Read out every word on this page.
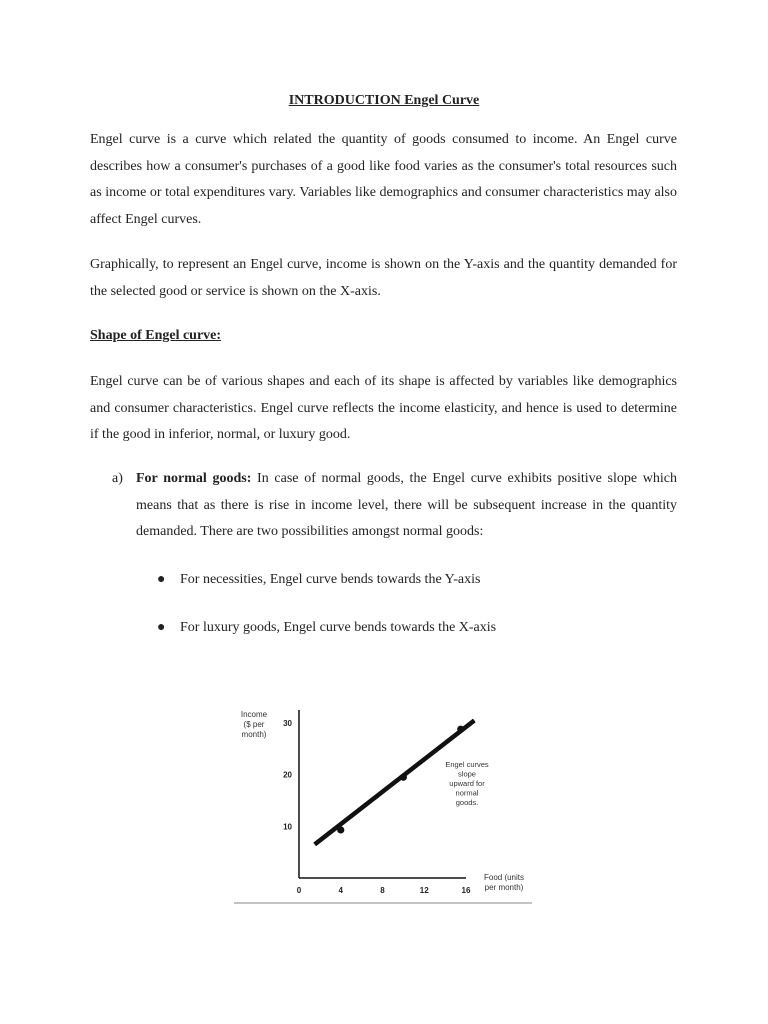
INTRODUCTION Engel Curve

Engel curve is a curve which related the quantity of goods consumed to income. An Engel curve describes how a consumer's purchases of a good like food varies as the consumer's total resources such as income or total expenditures vary. Variables like demographics and consumer characteristics may also affect Engel curves.

Graphically, to represent an Engel curve, income is shown on the Y-axis and the quantity demanded for the selected good or service is shown on the X-axis.

Shape of Engel curve:

Engel curve can be of various shapes and each of its shape is affected by variables like demographics and consumer characteristics. Engel curve reflects the income elasticity, and hence is used to determine if the good in inferior, normal, or luxury good.

a) For normal goods: In case of normal goods, the Engel curve exhibits positive slope which means that as there is rise in income level, there will be subsequent increase in the quantity demanded. There are two possibilities amongst normal goods:
● For necessities, Engel curve bends towards the Y-axis
● For luxury goods, Engel curve bends towards the X-axis
Income
($ per
month)
Food (units
per month)
10
20
30
0	4	8	12	16
Engel curves
slope
upward for
normal
goods.
